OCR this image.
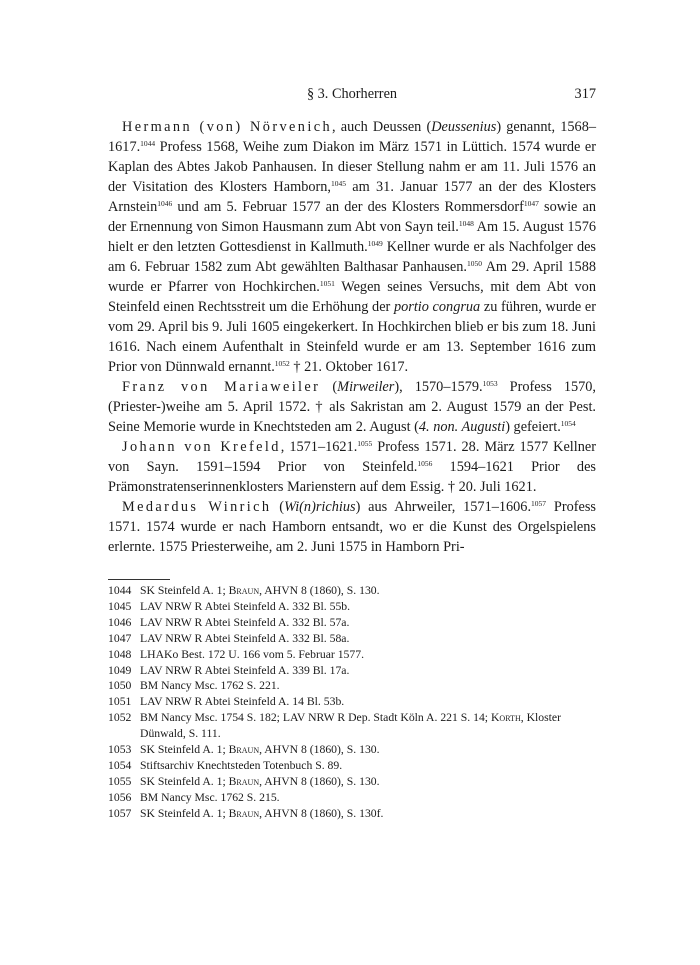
§ 3. Chorherren	317

Hermann (von) Nörvenich, auch Deussen (Deussenius) genannt, 1568–1617.$^{1044}$ Profess 1568, Weihe zum Diakon im März 1571 in Lüttich. 1574 wurde er Kaplan des Abtes Jakob Panhausen. In dieser Stellung nahm er am 11. Juli 1576 an der Visitation des Klosters Hamborn,$^{1045}$ am 31. Januar 1577 an der des Klosters Arnstein$^{1046}$ und am 5. Februar 1577 an der des Klosters Rommersdorf$^{1047}$ sowie an der Ernennung von Simon Hausmann zum Abt von Sayn teil.$^{1048}$ Am 15. August 1576 hielt er den letzten Gottesdienst in Kallmuth.$^{1049}$ Kellner wurde er als Nachfolger des am 6. Februar 1582 zum Abt gewählten Balthasar Panhausen.$^{1050}$ Am 29. April 1588 wurde er Pfarrer von Hochkirchen.$^{1051}$ Wegen seines Versuchs, mit dem Abt von Steinfeld einen Rechtsstreit um die Erhöhung der portio congrua zu führen, wurde er vom 29. April bis 9. Juli 1605 eingekerkert. In Hochkirchen blieb er bis zum 18. Juni 1616. Nach einem Aufenthalt in Steinfeld wurde er am 13. September 1616 zum Prior von Dünnwald ernannt.$^{1052}$ † 21. Oktober 1617.

Franz von Mariaweiler (Mirweiler), 1570–1579.$^{1053}$ Profess 1570, (Priester-)weihe am 5. April 1572. † als Sakristan am 2. August 1579 an der Pest. Seine Memorie wurde in Knechtsteden am 2. August (4. non. Augusti) gefeiert.$^{1054}$

Johann von Krefeld, 1571–1621.$^{1055}$ Profess 1571. 28. März 1577 Kellner von Sayn. 1591–1594 Prior von Steinfeld.$^{1056}$ 1594–1621 Prior des Prämonstratenserinnenklosters Marienstern auf dem Essig. † 20. Juli 1621.

Medardus Winrich (Wi(n)richius) aus Ahrweiler, 1571–1606.$^{1057}$ Profess 1571. 1574 wurde er nach Hamborn entsandt, wo er die Kunst des Orgelspielens erlernte. 1575 Priesterweihe, am 2. Juni 1575 in Hamborn Pri-

1044 SK Steinfeld A. 1; Braun, AHVN 8 (1860), S. 130.
1045 LAV NRW R Abtei Steinfeld A. 332 Bl. 55b.
1046 LAV NRW R Abtei Steinfeld A. 332 Bl. 57a.
1047 LAV NRW R Abtei Steinfeld A. 332 Bl. 58a.
1048 LHAKo Best. 172 U. 166 vom 5. Februar 1577.
1049 LAV NRW R Abtei Steinfeld A. 339 Bl. 17a.
1050 BM Nancy Msc. 1762 S. 221.
1051 LAV NRW R Abtei Steinfeld A. 14 Bl. 53b.
1052 BM Nancy Msc. 1754 S. 182; LAV NRW R Dep. Stadt Köln A. 221 S. 14; Korth, Kloster Dünwald, S. 111.
1053 SK Steinfeld A. 1; Braun, AHVN 8 (1860), S. 130.
1054 Stiftsarchiv Knechtsteden Totenbuch S. 89.
1055 SK Steinfeld A. 1; Braun, AHVN 8 (1860), S. 130.
1056 BM Nancy Msc. 1762 S. 215.
1057 SK Steinfeld A. 1; Braun, AHVN 8 (1860), S. 130f.
